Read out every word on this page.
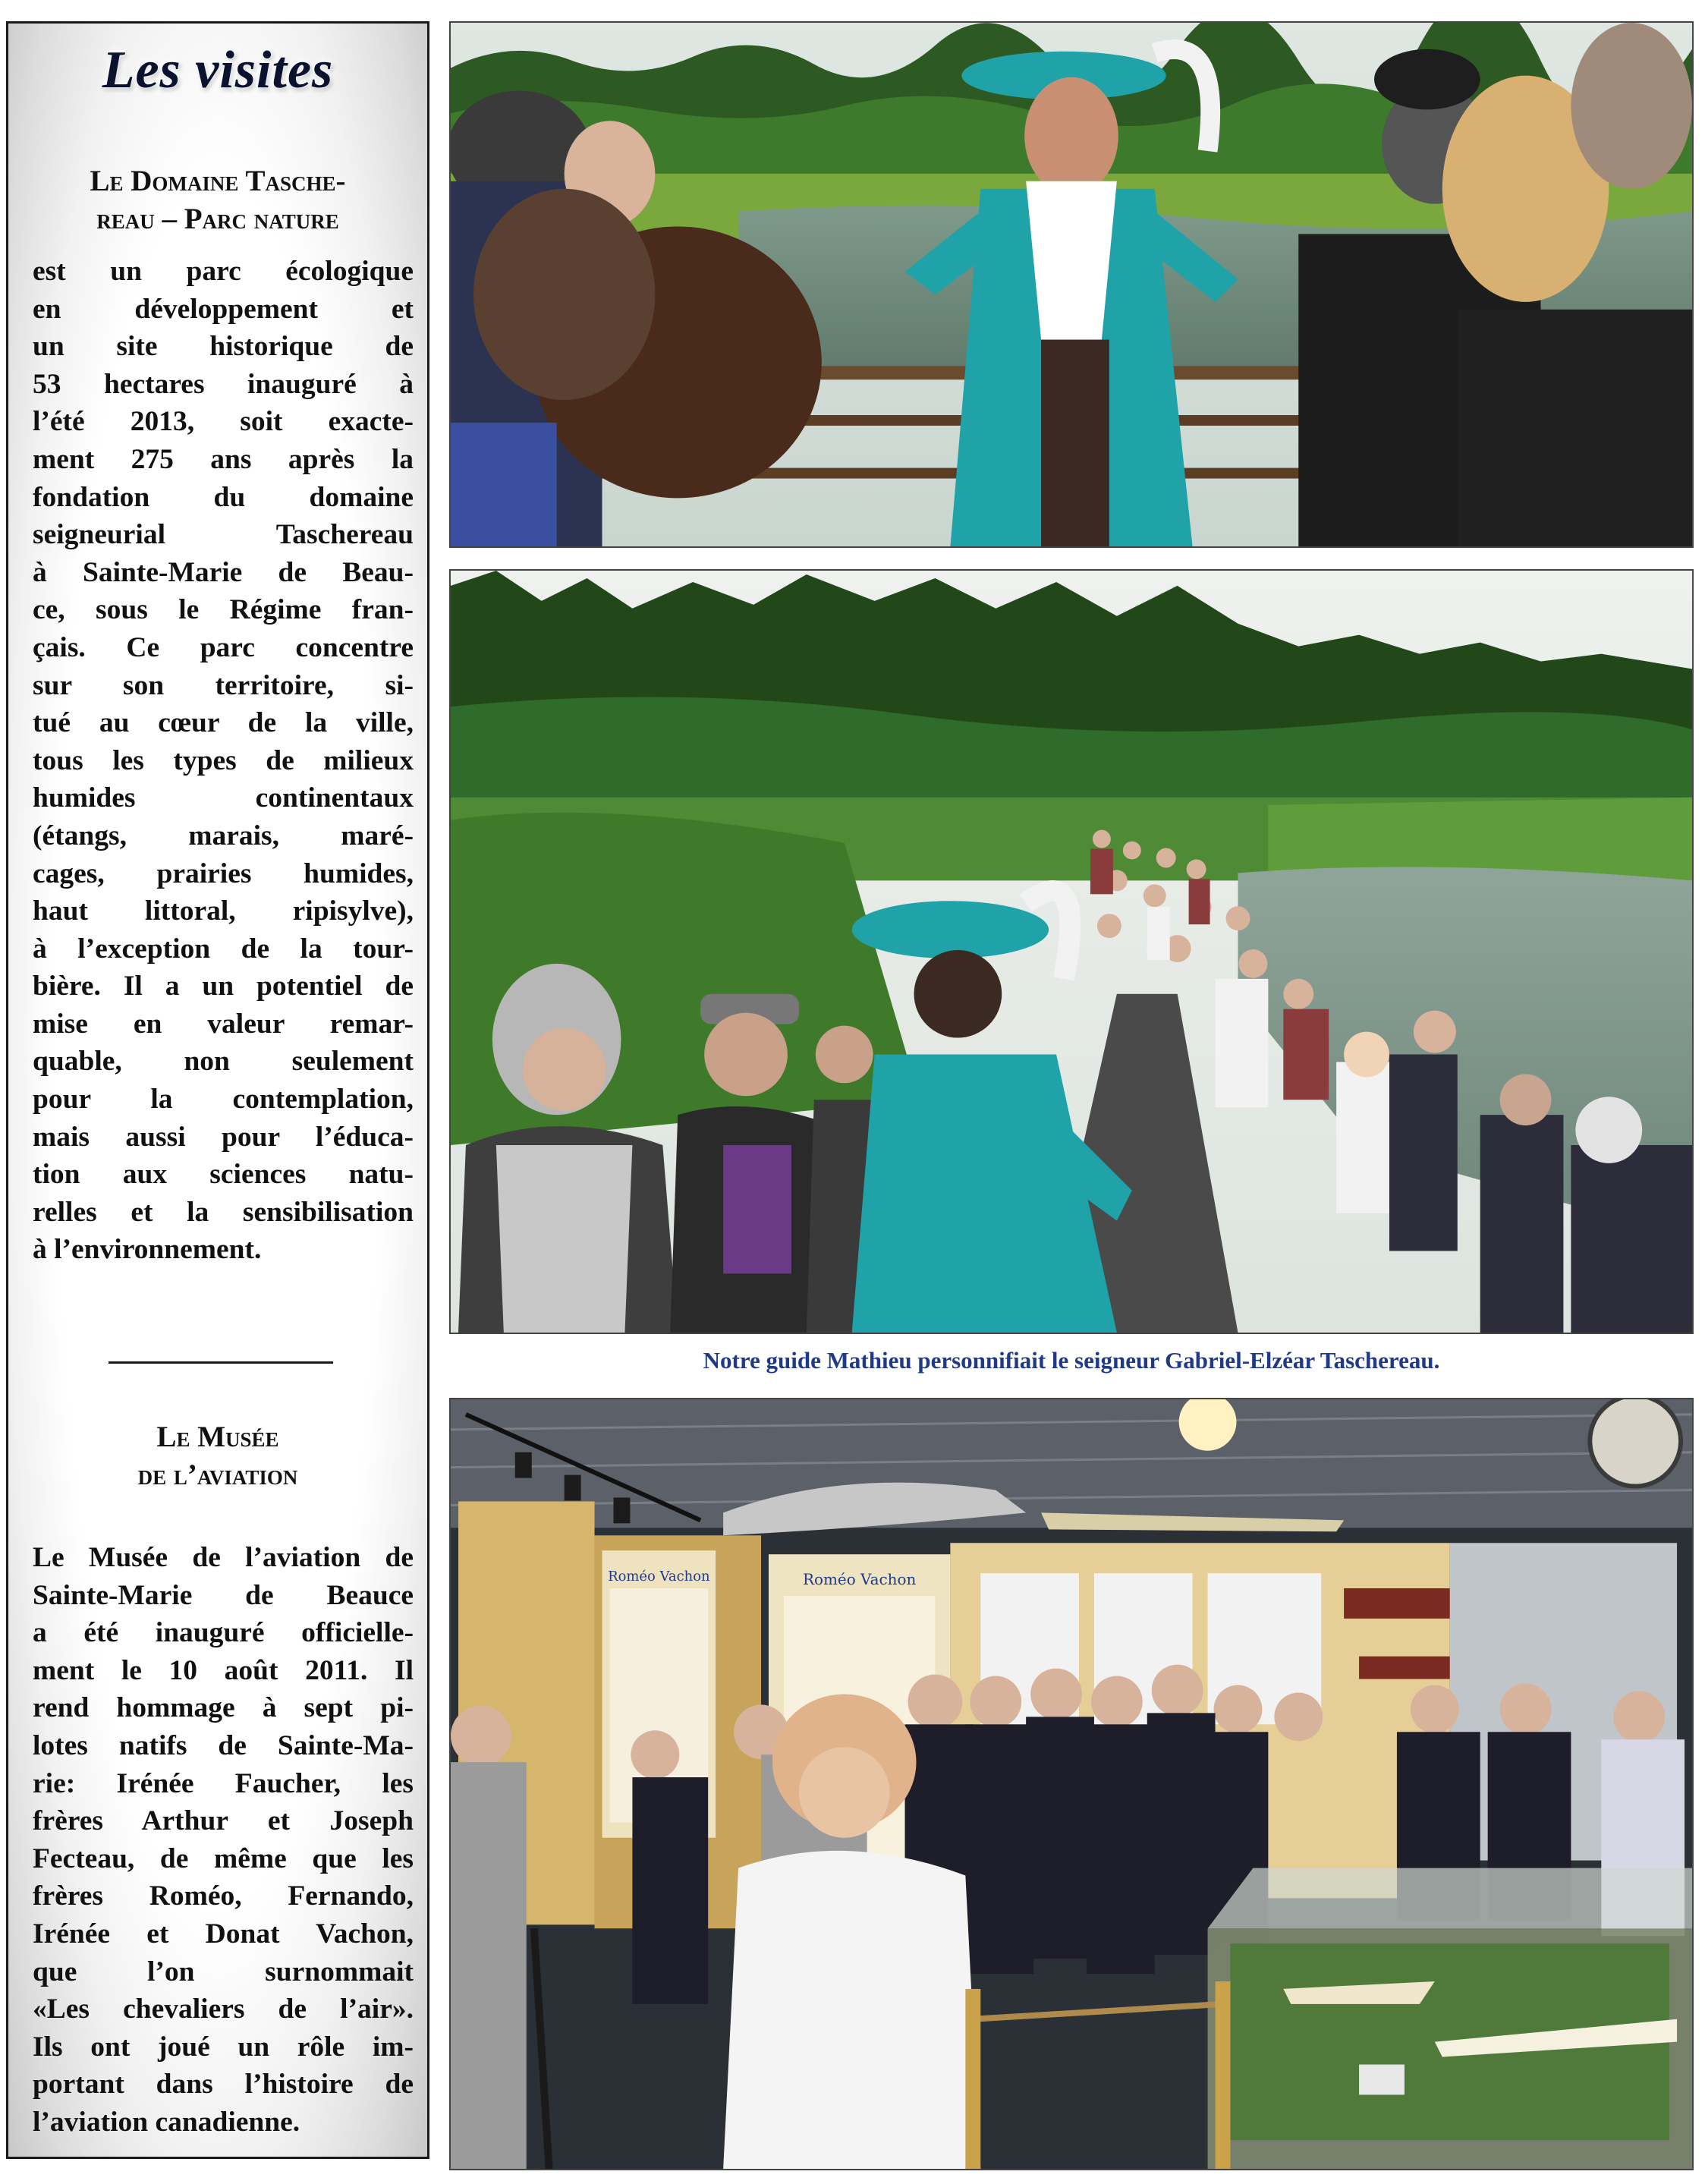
Les visites
Le Domaine Tasche-
reau – Parc nature
est un parc écologique
en développement et
un site historique de
53 hectares inauguré à
l’été 2013, soit exacte-
ment 275 ans après la
fondation du domaine
seigneurial Taschereau
à Sainte-Marie de Beau-
ce, sous le Régime fran-
çais. Ce parc concentre
sur son territoire, si-
tué au cœur de la ville,
tous les types de milieux
humides continentaux
(étangs, marais, maré-
cages, prairies humides,
haut littoral, ripisylve),
à l’exception de la tour-
bière. Il a un potentiel de
mise en valeur remar-
quable, non seulement
pour la contemplation,
mais aussi pour l’éduca-
tion aux sciences natu-
relles et la sensibilisation
à l’environnement.
Le Musée
de l’aviation
Le Musée de l’aviation de
Sainte-Marie de Beauce
a été inauguré officielle-
ment le 10 août 2011. Il
rend hommage à sept pi-
lotes natifs de Sainte-Ma-
rie: Irénée Faucher, les
frères Arthur et Joseph
Fecteau, de même que les
frères Roméo, Fernando,
Irénée et Donat Vachon,
que l’on surnommait
«Les chevaliers de l’air».
Ils ont joué un rôle im-
portant dans l’histoire de
l’aviation canadienne.
Notre guide Mathieu personnifiait le seigneur Gabriel-Elzéar Taschereau.
Roméo Vachon	Roméo Vachon
